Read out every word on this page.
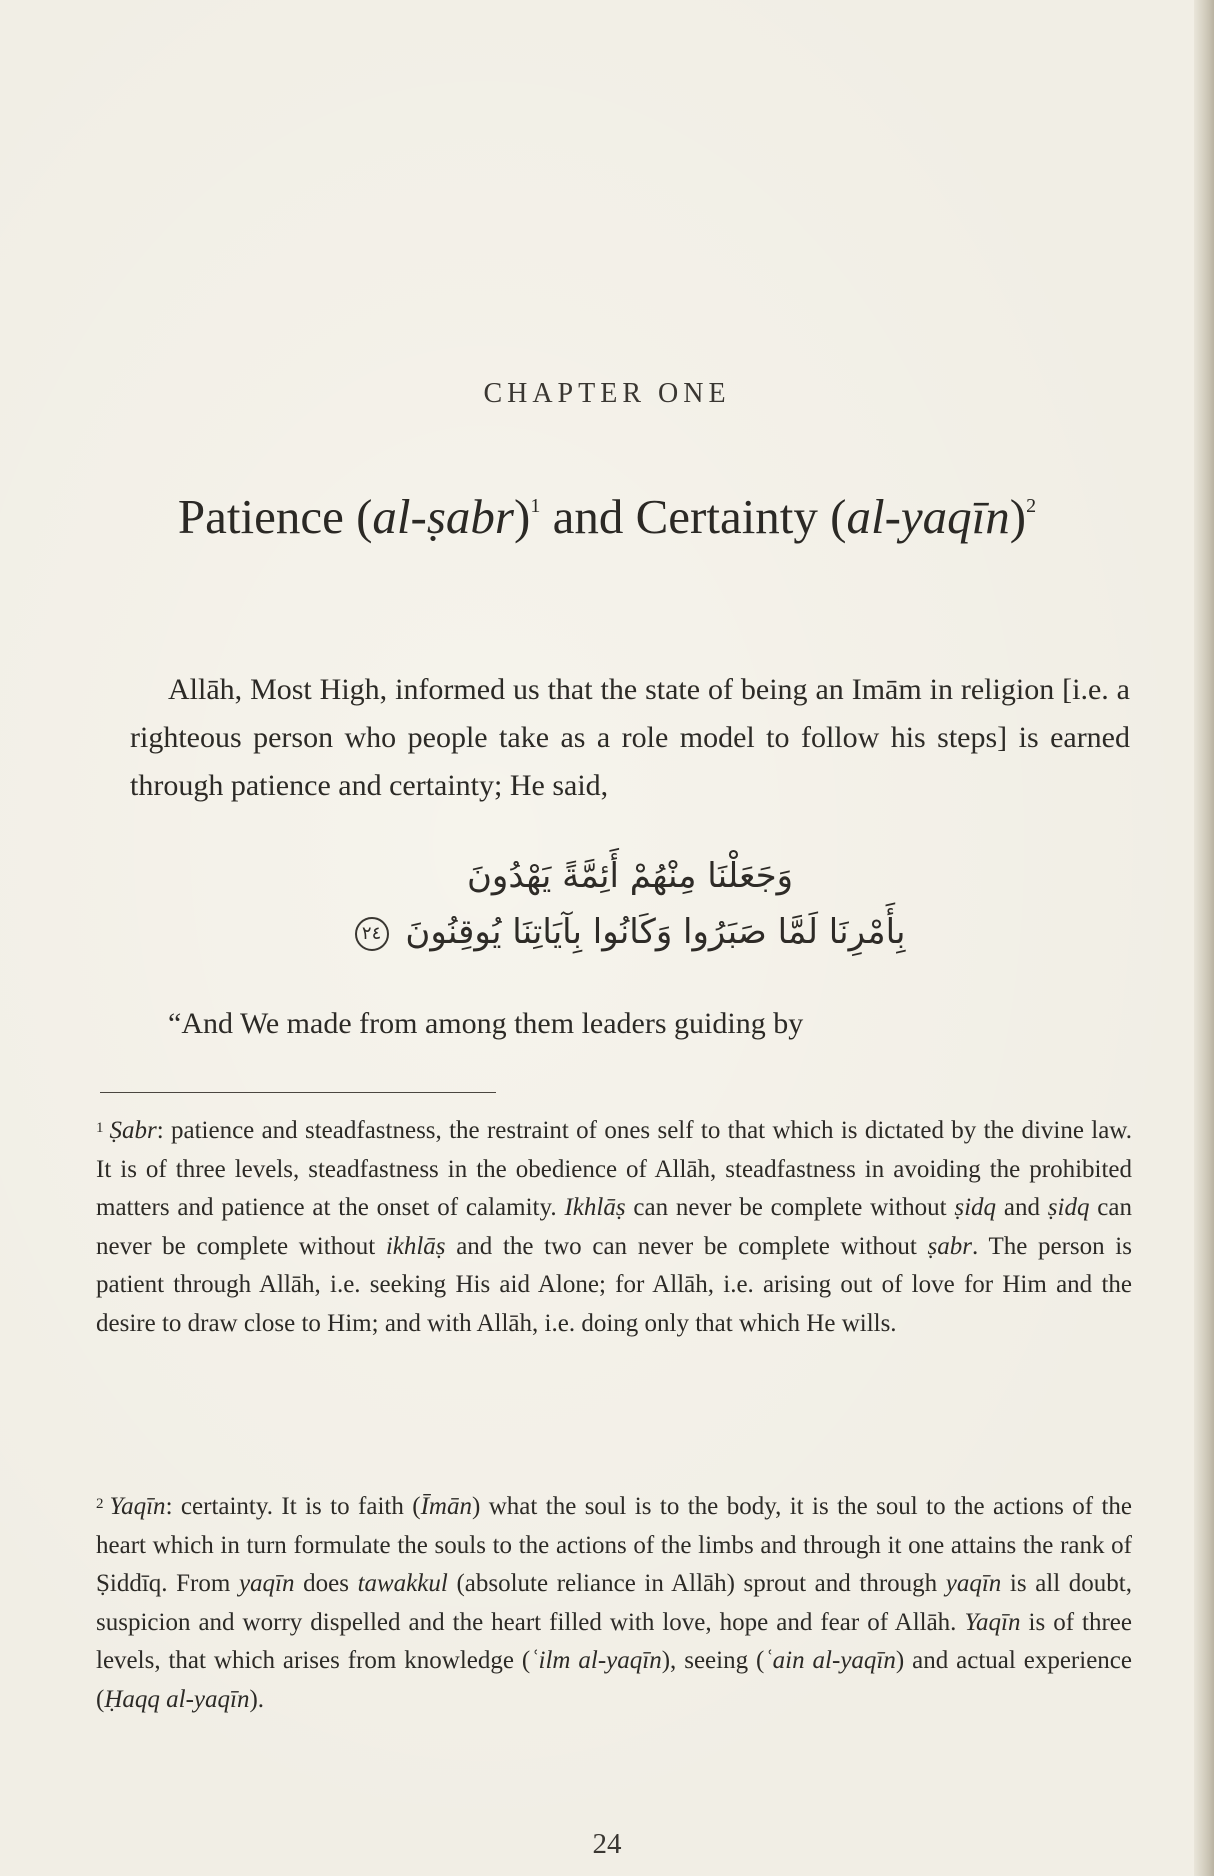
CHAPTER ONE
Patience (al-ṣabr)$^1$ and Certainty (al-yaqīn)$^2$

Allāh, Most High, informed us that the state of being an Imām in religion [i.e. a righteous person who people take as a role model to follow his steps] is earned through patience and certainty; He said,

وَجَعَلْنَا مِنْهُمْ أَئِمَّةً يَهْدُونَ
بِأَمْرِنَا لَمَّا صَبَرُوا وَكَانُوا بِآيَاتِنَا يُوقِنُونَ ٢٤
“And We made from among them leaders guiding by
$^1$ Ṣabr: patience and steadfastness, the restraint of ones self to that which is dictated by the divine law. It is of three levels, steadfastness in the obedience of Allāh, steadfastness in avoiding the prohibited matters and patience at the onset of calamity. Ikhlāṣ can never be complete without ṣidq and ṣidq can never be complete without ikhlāṣ and the two can never be complete without ṣabr. The person is patient through Allāh, i.e. seeking His aid Alone; for Allāh, i.e. arising out of love for Him and the desire to draw close to Him; and with Allāh, i.e. doing only that which He wills.
$^2$ Yaqīn: certainty. It is to faith (Īmān) what the soul is to the body, it is the soul to the actions of the heart which in turn formulate the souls to the actions of the limbs and through it one attains the rank of Ṣiddīq. From yaqīn does tawakkul (absolute reliance in Allāh) sprout and through yaqīn is all doubt, suspicion and worry dispelled and the heart filled with love, hope and fear of Allāh. Yaqīn is of three levels, that which arises from knowledge (ʿilm al-yaqīn), seeing (ʿain al-yaqīn) and actual experience (Ḥaqq al-yaqīn).
24
